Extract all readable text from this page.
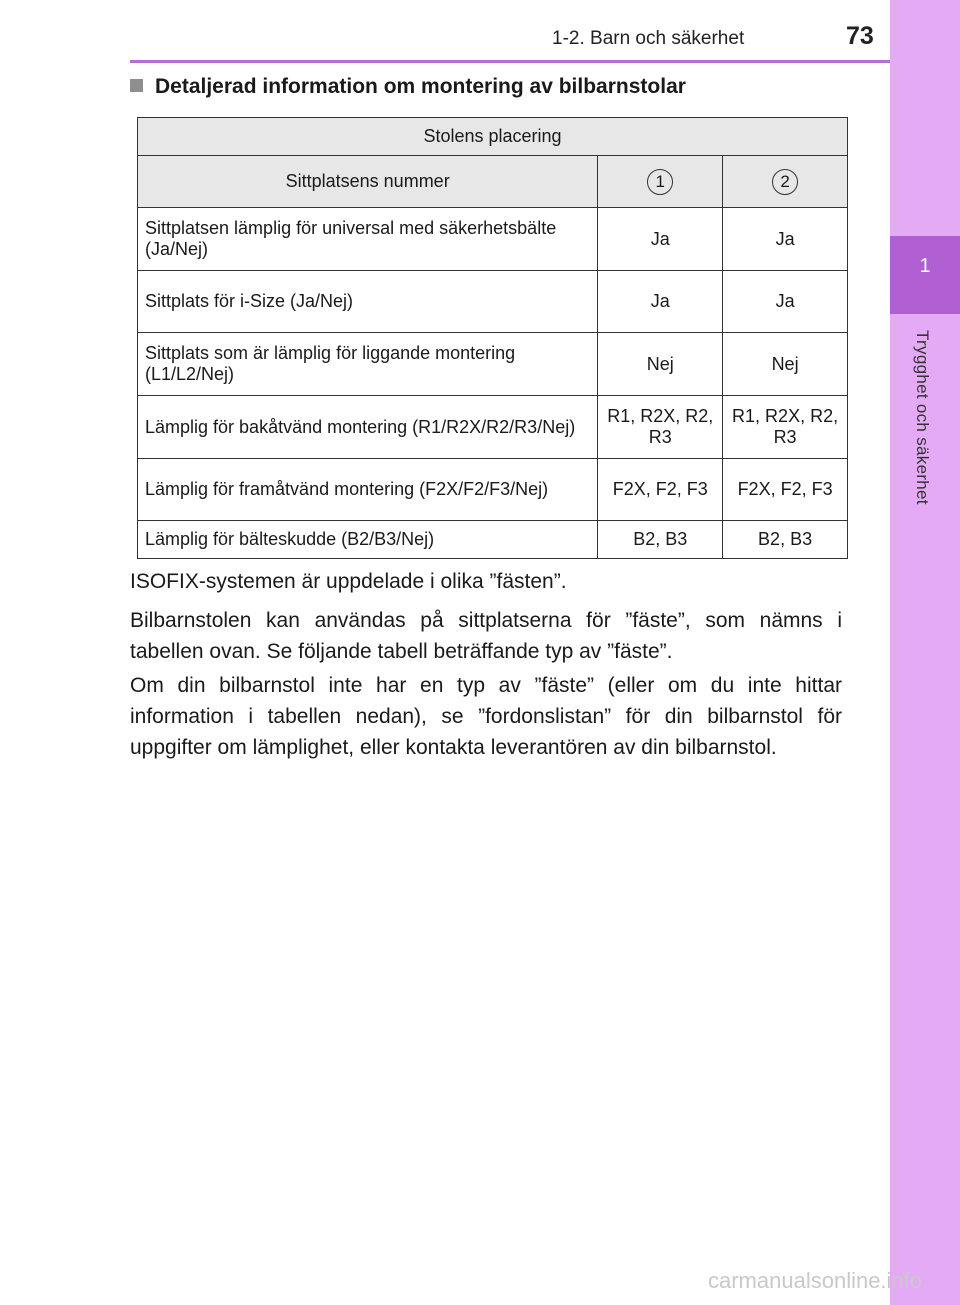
1
Trygghet och säkerhet
1-2. Barn och säkerhet	73
Detaljerad information om montering av bilbarnstolar
Stolens placering		
Sittplatsens nummer	1	2
Sittplatsen lämplig för universal med säkerhetsbälte (Ja/Nej)	Ja	Ja
Sittplats för i-Size (Ja/Nej)	Ja	Ja
Sittplats som är lämplig för liggande montering (L1/L2/Nej)	Nej	Nej
Lämplig för bakåtvänd montering (R1/R2X/R2/R3/Nej)	R1, R2X, R2, R3	R1, R2X, R2, R3
Lämplig för framåtvänd montering (F2X/F2/F3/Nej)	F2X, F2, F3	F2X, F2, F3
Lämplig för bälteskudde (B2/B3/Nej)	B2, B3	B2, B3

ISOFIX-systemen är uppdelade i olika ”fästen”.

Bilbarnstolen kan användas på sittplatserna för ”fäste”, som nämns i tabellen ovan. Se följande tabell beträffande typ av ”fäste”.

Om din bilbarnstol inte har en typ av ”fäste” (eller om du inte hittar information i tabellen nedan), se ”fordonslistan” för din bilbarnstol för uppgifter om lämplighet, eller kontakta leverantören av din bilbarnstol.

carmanualsonline.info
